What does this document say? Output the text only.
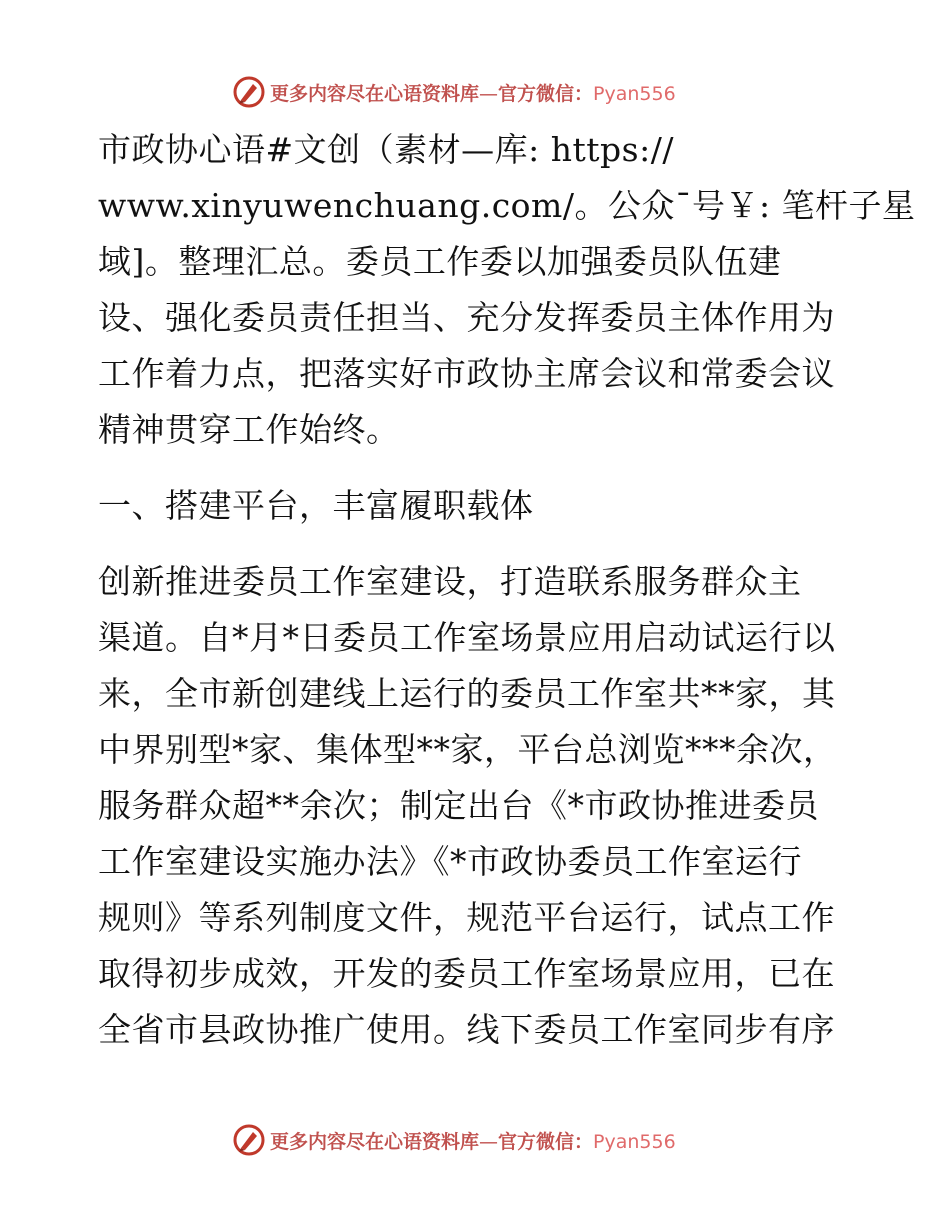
更多内容尽在心语资料库—官方微信：Pyan556
市政协心语#文创（素材—库: https://
www.xinyuwenchuang.com/。公众¯号￥: 笔杆子星
域]。整理汇总。委员工作委以加强委员队伍建
设、强化委员责任担当、充分发挥委员主体作用为
工作着力点，把落实好市政协主席会议和常委会议
精神贯穿工作始终。
一、搭建平台，丰富履职载体
创新推进委员工作室建设，打造联系服务群众主
渠道。自*月*日委员工作室场景应用启动试运行以
来，全市新创建线上运行的委员工作室共**家，其
中界别型*家、集体型**家，平台总浏览***余次，
服务群众超**余次；制定出台《*市政协推进委员
工作室建设实施办法》《*市政协委员工作室运行
规则》等系列制度文件，规范平台运行，试点工作
取得初步成效，开发的委员工作室场景应用，已在
全省市县政协推广使用。线下委员工作室同步有序
更多内容尽在心语资料库—官方微信：Pyan556
